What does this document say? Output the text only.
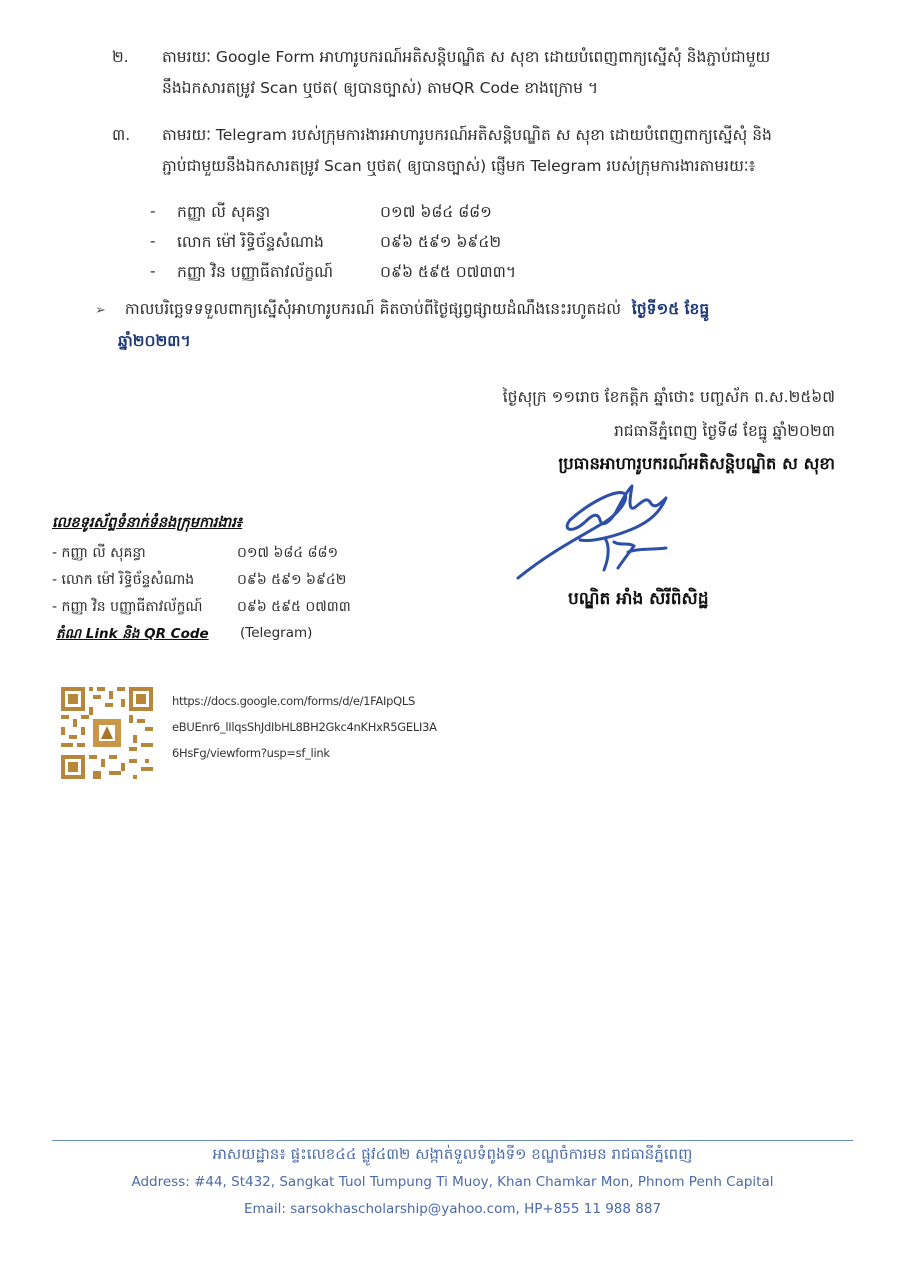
២. តាមរយៈ Google Form អាហារូបករណ៍អតិសន្តិបណ្ឌិត ស សុខា ដោយបំពេញពាក្យស្នើសុំ និងភ្ជាប់ជាមួយ
នឹងឯកសារតម្រូវ Scan ឬថត( ឲ្យបានច្បាស់) តាមQR Code ខាងក្រោម ។
៣. តាមរយៈ Telegram របស់ក្រុមការងារអាហារូបករណ៍អតិសន្តិបណ្ឌិត ស សុខា ដោយបំពេញពាក្យស្នើសុំ និង
ភ្ជាប់ជាមួយនឹងឯកសារតម្រូវ Scan ឬថត( ឲ្យបានច្បាស់) ផ្ញើមក Telegram របស់ក្រុមការងារតាមរយៈ៖
- កញ្ញា លី សុគន្ធា	០១៧ ៦៨៤ ៨៨១
- លោក ម៉ៅ រិទ្ធិច័ន្ទសំណាង	០៩៦ ៥៩១ ៦៩៤២
- កញ្ញា វិន បញ្ញាធីតាវល័ក្ខណ៍	០៩៦ ៥៩៥ ០៧៣៣។
➢ កាលបរិច្ឆេទទទួលពាក្យស្នើសុំអាហារូបករណ៍ គិតចាប់ពីថ្ងៃផ្សព្វផ្សាយដំណឹងនេះរហូតដល់ ថ្ងៃទី១៥ ខែធ្នូ
ឆ្នាំ២០២៣។
ថ្ងៃសុក្រ ១១រោច ខែកត្តិក ឆ្នាំថោះ បញ្ចស័ក ព.ស.២៥៦៧
រាជធានីភ្នំពេញ ថ្ងៃទី៨ ខែធ្នូ ឆ្នាំ២០២៣
ប្រធានអាហារូបករណ៍អតិសន្តិបណ្ឌិត ស សុខា
បណ្ឌិត អាំង សិរីពិសិដ្ឋ
លេខទូរស័ព្ទទំនាក់ទំនងក្រុមការងារ៖
- កញ្ញា លី សុគន្ធា	០១៧ ៦៨៤ ៨៨១
- លោក ម៉ៅ រិទ្ធិច័ន្ទសំណាង	០៩៦ ៥៩១ ៦៩៤២
- កញ្ញា វិន បញ្ញាធីតាវល័ក្ខណ៍ ០៩៦ ៥៩៥ ០៧៣៣
តំណ Link និង QR Code (Telegram)
https://docs.google.com/forms/d/e/1FAIpQLS
eBUEnr6_lIlqsShJdIbHL8BH2Gkc4nKHxR5GELI3A
6HsFg/viewform?usp=sf_link
អាសយដ្ឋាន៖ ផ្ទះលេខ៤៤ ផ្លូវ៤៣២ សង្កាត់ទួលទំពូងទី១ ខណ្ឌចំការមន រាជធានីភ្នំពេញ
Address: #44, St432, Sangkat Tuol Tumpung Ti Muoy, Khan Chamkar Mon, Phnom Penh Capital
Email: sarsokhascholarship@yahoo.com, HP+855 11 988 887
